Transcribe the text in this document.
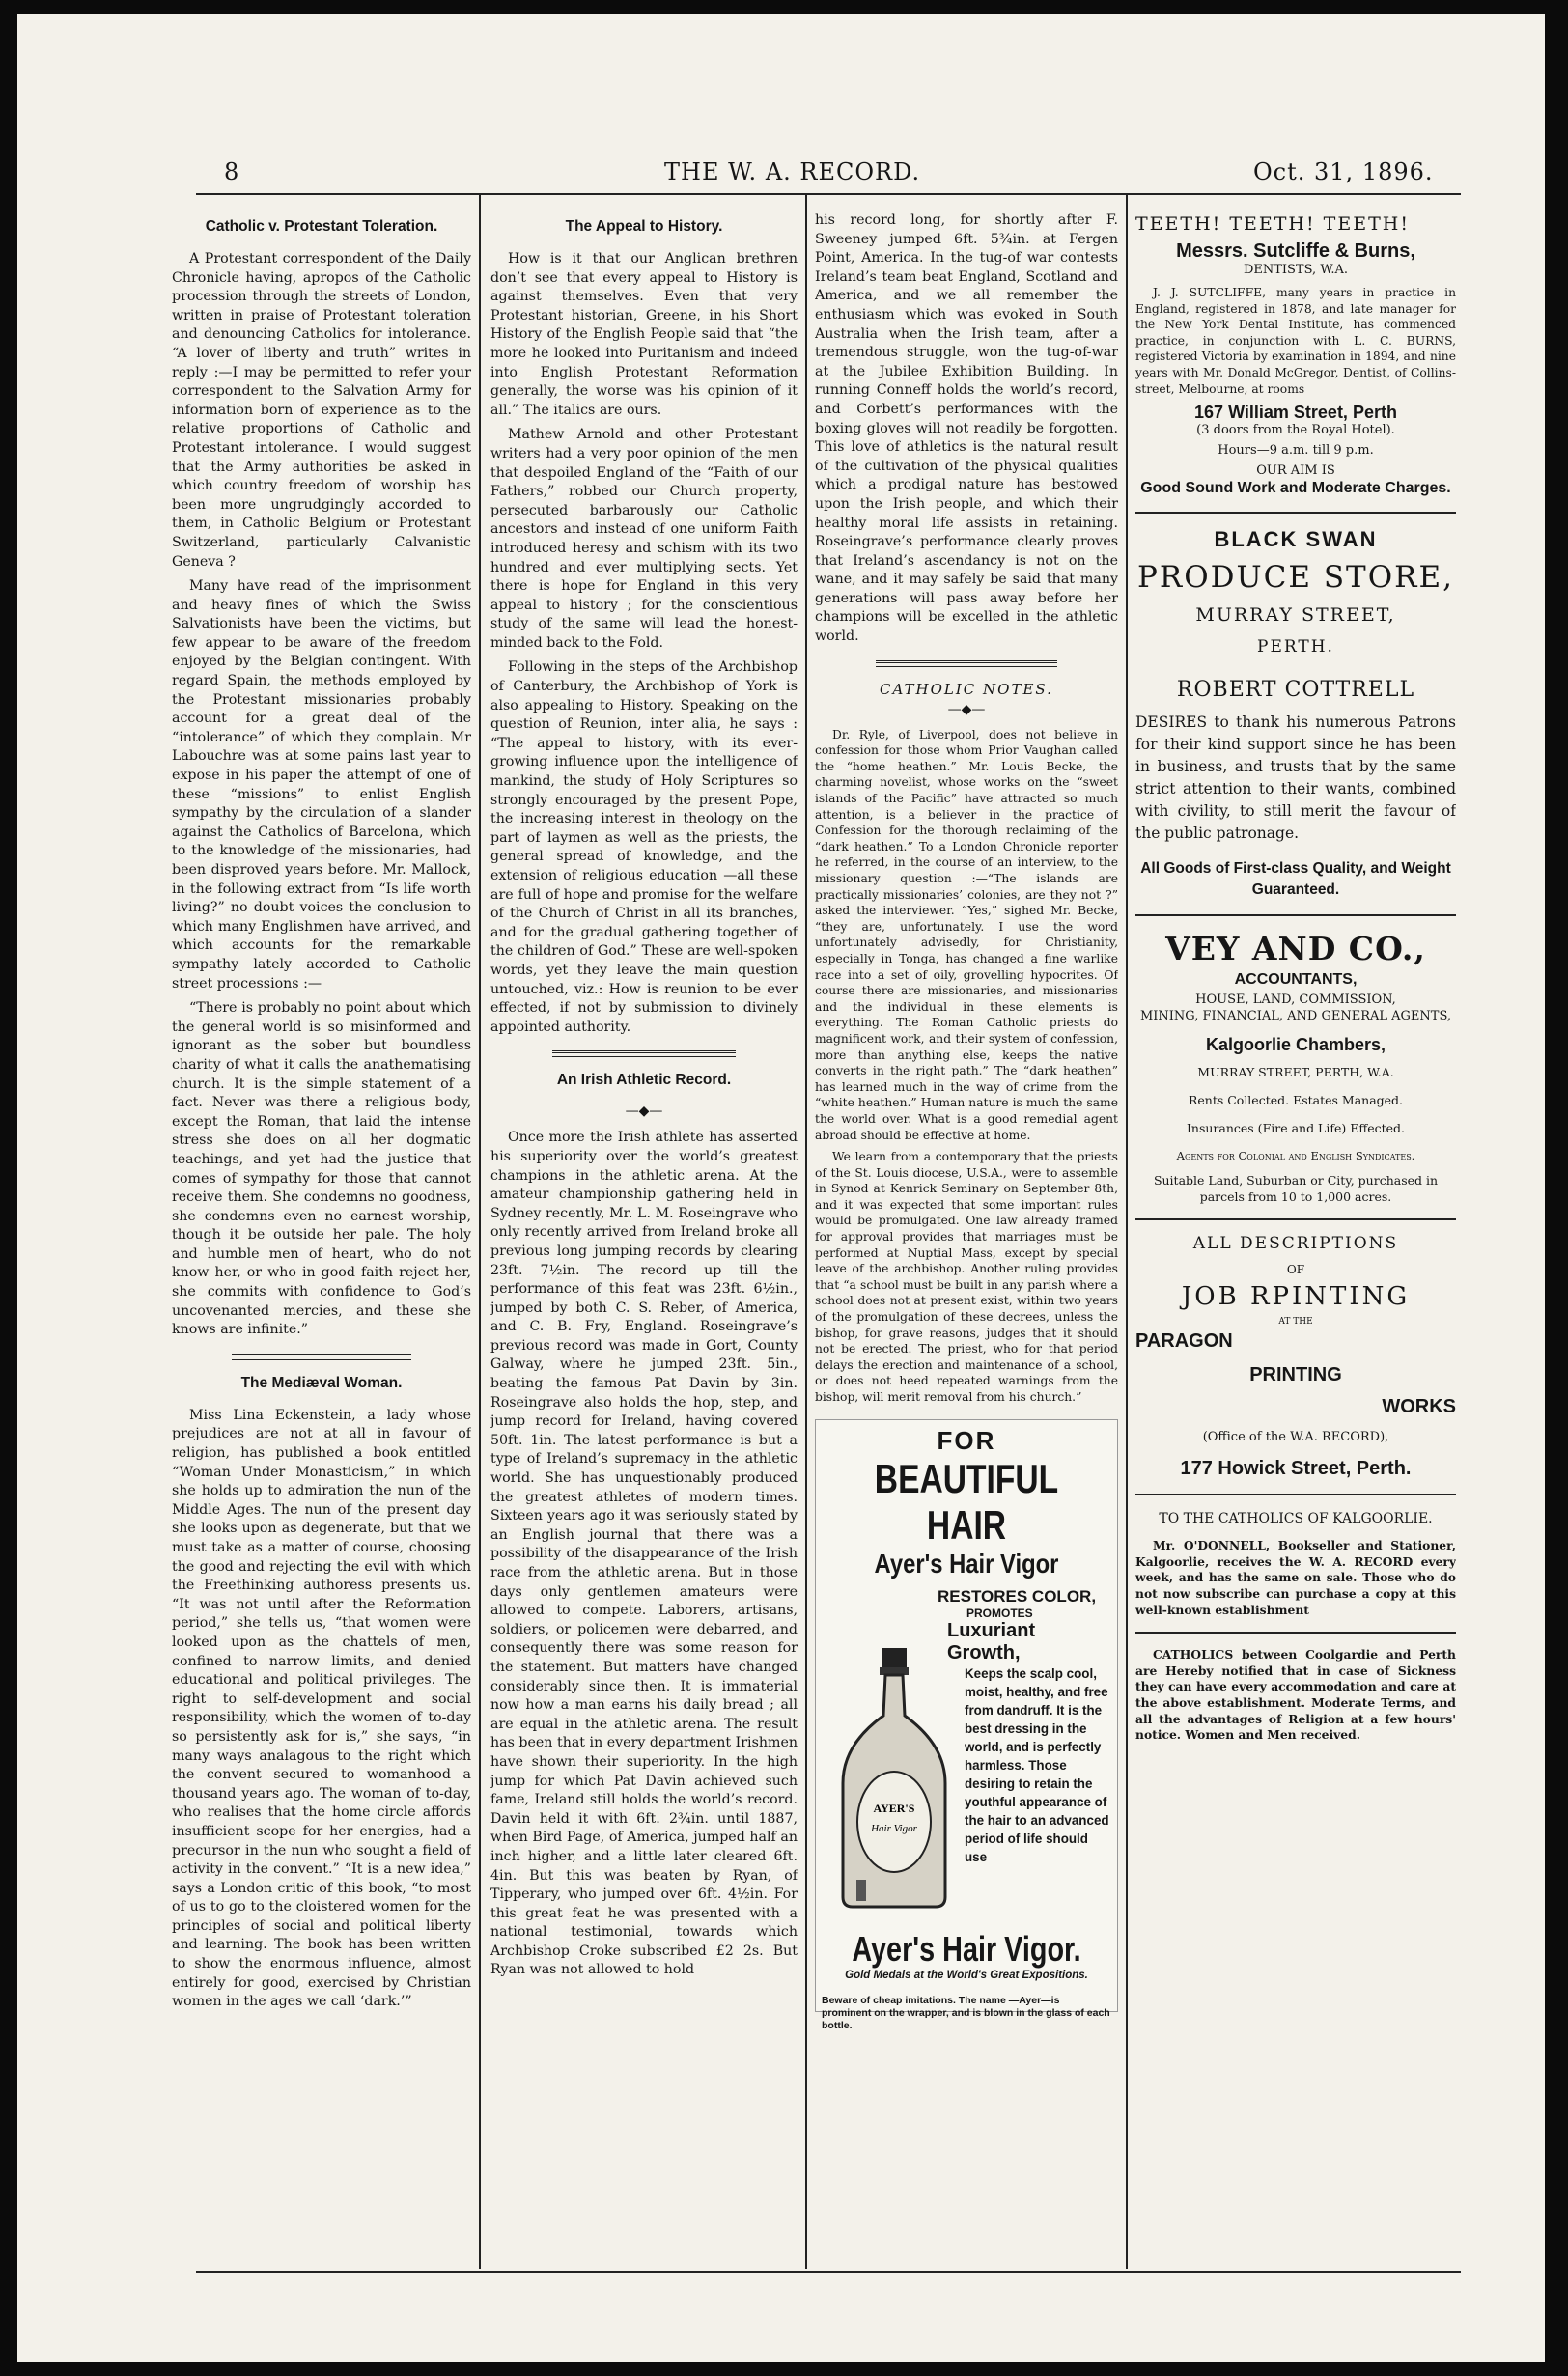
8	THE W. A. RECORD.	Oct. 31, 1896.
Catholic v. Protestant Toleration.

A Protestant correspondent of the Daily Chronicle having, apropos of the Catholic procession through the streets of London, written in praise of Protestant toleration and denouncing Catholics for intolerance. “A lover of liberty and truth” writes in reply :—I may be permitted to refer your correspondent to the Salvation Army for information born of experience as to the relative proportions of Catholic and Protestant intolerance. I would suggest that the Army authorities be asked in which country freedom of worship has been more ungrudgingly accorded to them, in Catholic Belgium or Protestant Switzerland, particularly Calvanistic Geneva ?

Many have read of the imprisonment and heavy fines of which the Swiss Salvationists have been the victims, but few appear to be aware of the freedom enjoyed by the Belgian contingent. With regard Spain, the methods employed by the Protestant missionaries probably account for a great deal of the “intolerance” of which they complain. Mr Labouchre was at some pains last year to expose in his paper the attempt of one of these “missions” to enlist English sympathy by the circulation of a slander against the Catholics of Barcelona, which to the knowledge of the missionaries, had been disproved years before. Mr. Mallock, in the following extract from “Is life worth living?” no doubt voices the conclusion to which many Englishmen have arrived, and which accounts for the remarkable sympathy lately accorded to Catholic street processions :—

“There is probably no point about which the general world is so misinformed and ignorant as the sober but boundless charity of what it calls the anathematising church. It is the simple statement of a fact. Never was there a religious body, except the Roman, that laid the intense stress she does on all her dogmatic teachings, and yet had the justice that comes of sympathy for those that cannot receive them. She condemns no goodness, she condemns even no earnest worship, though it be outside her pale. The holy and humble men of heart, who do not know her, or who in good faith reject her, she commits with confidence to God’s uncovenanted mercies, and these she knows are infinite.”

The Mediæval Woman.

Miss Lina Eckenstein, a lady whose prejudices are not at all in favour of religion, has published a book entitled “Woman Under Monasticism,” in which she holds up to admiration the nun of the Middle Ages. The nun of the present day she looks upon as degenerate, but that we must take as a matter of course, choosing the good and rejecting the evil with which the Freethinking authoress presents us. “It was not until after the Reformation period,” she tells us, “that women were looked upon as the chattels of men, confined to narrow limits, and denied educational and political privileges. The right to self-development and social responsibility, which the women of to-day so persistently ask for is,” she says, “in many ways analagous to the right which the convent secured to womanhood a thousand years ago. The woman of to-day, who realises that the home circle affords insufficient scope for her energies, had a precursor in the nun who sought a field of activity in the convent.” “It is a new idea,” says a London critic of this book, “to most of us to go to the cloistered women for the principles of social and political liberty and learning. The book has been written to show the enormous influence, almost entirely for good, exercised by Christian women in the ages we call ‘dark.’”

The Appeal to History.

How is it that our Anglican brethren don’t see that every appeal to History is against themselves. Even that very Protestant historian, Greene, in his Short History of the English People said that “the more he looked into Puritanism and indeed into English Protestant Reformation generally, the worse was his opinion of it all.” The italics are ours.

Mathew Arnold and other Protestant writers had a very poor opinion of the men that despoiled England of the “Faith of our Fathers,” robbed our Church property, persecuted barbarously our Catholic ancestors and instead of one uniform Faith introduced heresy and schism with its two hundred and ever multiplying sects. Yet there is hope for England in this very appeal to history ; for the conscientious study of the same will lead the honest-minded back to the Fold.

Following in the steps of the Archbishop of Canterbury, the Archbishop of York is also appealing to History. Speaking on the question of Reunion, inter alia, he says : “The appeal to history, with its ever-growing influence upon the intelligence of mankind, the study of Holy Scriptures so strongly encouraged by the present Pope, the increasing interest in theology on the part of laymen as well as the priests, the general spread of knowledge, and the extension of religious education —all these are full of hope and promise for the welfare of the Church of Christ in all its branches, and for the gradual gathering together of the children of God.” These are well-spoken words, yet they leave the main question untouched, viz.: How is reunion to be ever effected, if not by submission to divinely appointed authority.

An Irish Athletic Record.
—◆—

Once more the Irish athlete has asserted his superiority over the world’s greatest champions in the athletic arena. At the amateur championship gathering held in Sydney recently, Mr. L. M. Roseingrave who only recently arrived from Ireland broke all previous long jumping records by clearing 23ft. 7½in. The record up till the performance of this feat was 23ft. 6½in., jumped by both C. S. Reber, of America, and C. B. Fry, England. Roseingrave’s previous record was made in Gort, County Galway, where he jumped 23ft. 5in., beating the famous Pat Davin by 3in. Roseingrave also holds the hop, step, and jump record for Ireland, having covered 50ft. 1in. The latest performance is but a type of Ireland’s supremacy in the athletic world. She has unquestionably produced the greatest athletes of modern times. Sixteen years ago it was seriously stated by an English journal that there was a possibility of the disappearance of the Irish race from the athletic arena. But in those days only gentlemen amateurs were allowed to compete. Laborers, artisans, soldiers, or policemen were debarred, and consequently there was some reason for the statement. But matters have changed considerably since then. It is immaterial now how a man earns his daily bread ; all are equal in the athletic arena. The result has been that in every department Irishmen have shown their superiority. In the high jump for which Pat Davin achieved such fame, Ireland still holds the world’s record. Davin held it with 6ft. 2¾in. until 1887, when Bird Page, of America, jumped half an inch higher, and a little later cleared 6ft. 4in. But this was beaten by Ryan, of Tipperary, who jumped over 6ft. 4½in. For this great feat he was presented with a national testimonial, towards which Archbishop Croke subscribed £2 2s. But Ryan was not allowed to hold

his record long, for shortly after F. Sweeney jumped 6ft. 5¾in. at Fergen Point, America. In the tug-of war contests Ireland’s team beat England, Scotland and America, and we all remember the enthusiasm which was evoked in South Australia when the Irish team, after a tremendous struggle, won the tug-of-war at the Jubilee Exhibition Building. In running Conneff holds the world’s record, and Corbett’s performances with the boxing gloves will not readily be forgotten. This love of athletics is the natural result of the cultivation of the physical qualities which a prodigal nature has bestowed upon the Irish people, and which their healthy moral life assists in retaining. Roseingrave’s performance clearly proves that Ireland’s ascendancy is not on the wane, and it may safely be said that many generations will pass away before her champions will be excelled in the athletic world.

CATHOLIC NOTES.
—◆—

Dr. Ryle, of Liverpool, does not believe in confession for those whom Prior Vaughan called the “home heathen.” Mr. Louis Becke, the charming novelist, whose works on the “sweet islands of the Pacific” have attracted so much attention, is a believer in the practice of Confession for the thorough reclaiming of the “dark heathen.” To a London Chronicle reporter he referred, in the course of an interview, to the missionary question :—“The islands are practically missionaries’ colonies, are they not ?” asked the interviewer. “Yes,” sighed Mr. Becke, “they are, unfortunately. I use the word unfortunately advisedly, for Christianity, especially in Tonga, has changed a fine warlike race into a set of oily, grovelling hypocrites. Of course there are missionaries, and missionaries and the individual in these elements is everything. The Roman Catholic priests do magnificent work, and their system of confession, more than anything else, keeps the native converts in the right path.” The “dark heathen” has learned much in the way of crime from the “white heathen.” Human nature is much the same the world over. What is a good remedial agent abroad should be effective at home.

We learn from a contemporary that the priests of the St. Louis diocese, U.S.A., were to assemble in Synod at Kenrick Seminary on September 8th, and it was expected that some important rules would be promulgated. One law already framed for approval provides that marriages must be performed at Nuptial Mass, except by special leave of the archbishop. Another ruling provides that “a school must be built in any parish where a school does not at present exist, within two years of the promulgation of these decrees, unless the bishop, for grave reasons, judges that it should not be erected. The priest, who for that period delays the erection and maintenance of a school, or does not heed repeated warnings from the bishop, will merit removal from his church.”

FOR
BEAUTIFUL HAIR
Ayer's Hair Vigor
RESTORES COLOR,
PROMOTES
Luxuriant Growth,
Keeps the scalp cool, moist, healthy, and free from dandruff. It is the best dressing in the world, and is perfectly harmless. Those desiring to retain the youthful appearance of the hair to an advanced period of life should use
AYER'S
Hair Vigor
Ayer's Hair Vigor.
Gold Medals at the World's Great Expositions.
Beware of cheap imitations. The name —Ayer—is prominent on the wrapper, and is blown in the glass of each bottle.
TEETH! TEETH! TEETH!
Messrs. Sutcliffe & Burns,
DENTISTS, W.A.

J. J. SUTCLIFFE, many years in practice in England, registered in 1878, and late manager for the New York Dental Institute, has commenced practice, in conjunction with L. C. BURNS, registered Victoria by examination in 1894, and nine years with Mr. Donald McGregor, Dentist, of Collins-street, Melbourne, at rooms

167 William Street, Perth
(3 doors from the Royal Hotel).
Hours—9 a.m. till 9 p.m.
OUR AIM IS
Good Sound Work and Moderate Charges.
BLACK SWAN
PRODUCE STORE,
MURRAY STREET,
PERTH.
ROBERT COTTRELL

DESIRES to thank his numerous Patrons for their kind support since he has been in business, and trusts that by the same strict attention to their wants, combined with civility, to still merit the favour of the public patronage.

All Goods of First-class Quality, and Weight Guaranteed.
VEY AND CO.,
ACCOUNTANTS,
HOUSE, LAND, COMMISSION,
MINING, FINANCIAL, AND GENERAL AGENTS,
Kalgoorlie Chambers,
MURRAY STREET, PERTH, W.A.
Rents Collected. Estates Managed.
Insurances (Fire and Life) Effected.
Agents for Colonial and English Syndicates.
Suitable Land, Suburban or City, purchased in parcels from 10 to 1,000 acres.
ALL DESCRIPTIONS
OF
JOB RPINTING
AT THE
PARAGON
PRINTING
WORKS
(Office of the W.A. RECORD),
177 Howick Street, Perth.
TO THE CATHOLICS OF KALGOORLIE.

Mr. O'DONNELL, Bookseller and Stationer, Kalgoorlie, receives the W. A. RECORD every week, and has the same on sale. Those who do not now subscribe can purchase a copy at this well-known establishment

CATHOLICS between Coolgardie and Perth are Hereby notified that in case of Sickness they can have every accommodation and care at the above establishment. Moderate Terms, and all the advantages of Religion at a few hours' notice. Women and Men received.
